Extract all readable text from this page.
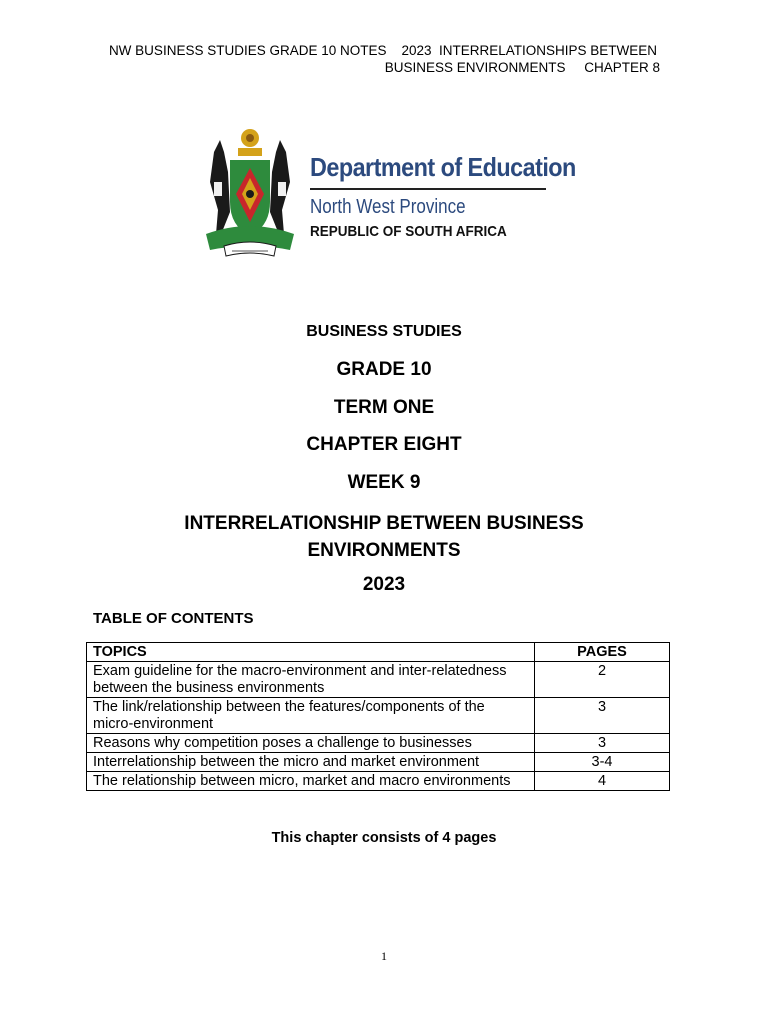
NW BUSINESS STUDIES GRADE 10 NOTES    2023  INTERRELATIONSHIPS BETWEEN
BUSINESS ENVIRONMENTS     CHAPTER 8
Department of Education
North West Province
REPUBLIC OF SOUTH AFRICA
BUSINESS STUDIES
GRADE 10
TERM ONE
CHAPTER EIGHT
WEEK 9
INTERRELATIONSHIP BETWEEN BUSINESS ENVIRONMENTS
2023
TABLE OF CONTENTS
TOPICS	PAGES
Exam guideline for the macro-environment and inter-relatedness between the business environments	2
The link/relationship between the features/components of the micro-environment	3
Reasons why competition poses a challenge to businesses	3
Interrelationship between the micro and market environment	3-4
The relationship between micro, market and macro environments	4
This chapter consists of 4 pages
1
